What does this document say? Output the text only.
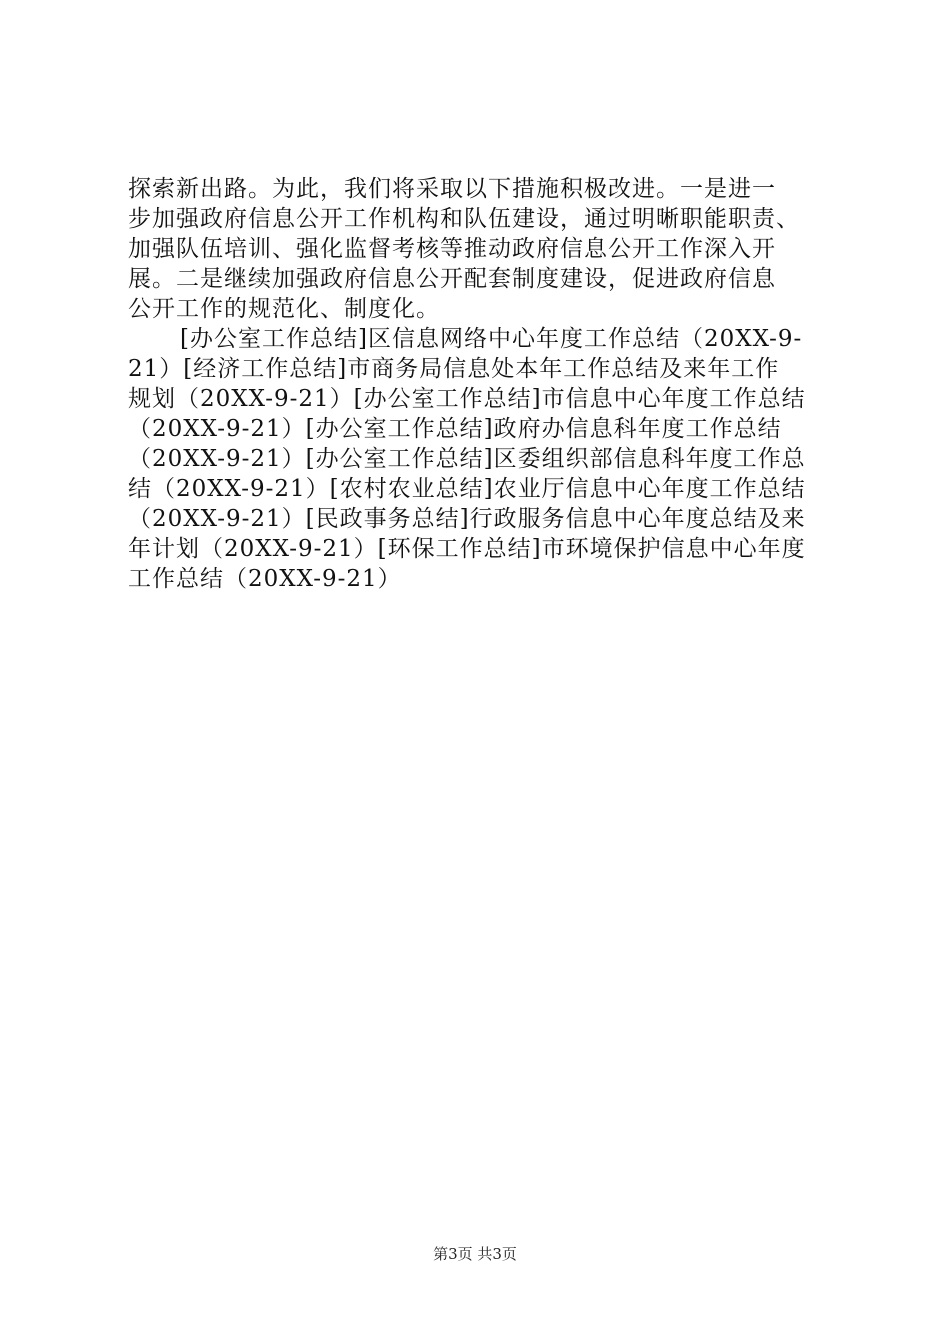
探索新出路。为此，我们将采取以下措施积极改进。一是进一
步加强政府信息公开工作机构和队伍建设，通过明晰职能职责、
加强队伍培训、强化监督考核等推动政府信息公开工作深入开
展。二是继续加强政府信息公开配套制度建设，促进政府信息
公开工作的规范化、制度化。
[办公室工作总结]区信息网络中心年度工作总结（20XX-9-
21）[经济工作总结]市商务局信息处本年工作总结及来年工作
规划（20XX-9-21）[办公室工作总结]市信息中心年度工作总结
（20XX-9-21）[办公室工作总结]政府办信息科年度工作总结
（20XX-9-21）[办公室工作总结]区委组织部信息科年度工作总
结（20XX-9-21）[农村农业总结]农业厅信息中心年度工作总结
（20XX-9-21）[民政事务总结]行政服务信息中心年度总结及来
年计划（20XX-9-21）[环保工作总结]市环境保护信息中心年度
工作总结（20XX-9-21）
第3页 共3页
